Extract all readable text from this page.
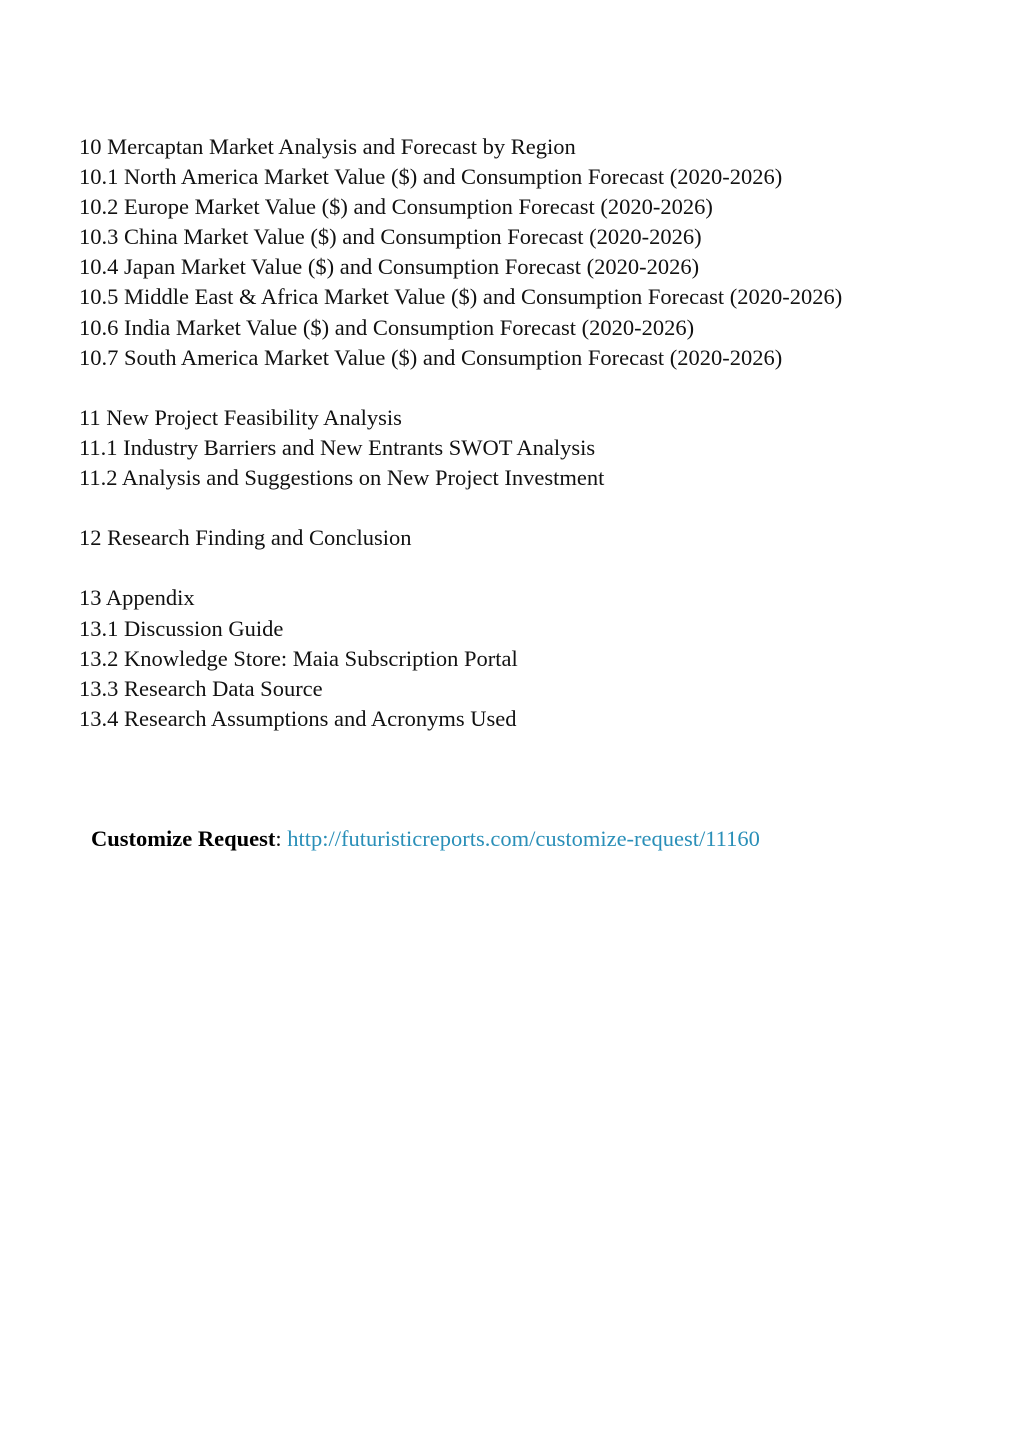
10 Mercaptan Market Analysis and Forecast by Region
10.1 North America Market Value ($) and Consumption Forecast (2020-2026)
10.2 Europe Market Value ($) and Consumption Forecast (2020-2026)
10.3 China Market Value ($) and Consumption Forecast (2020-2026)
10.4 Japan Market Value ($) and Consumption Forecast (2020-2026)
10.5 Middle East & Africa Market Value ($) and Consumption Forecast (2020-2026)
10.6 India Market Value ($) and Consumption Forecast (2020-2026)
10.7 South America Market Value ($) and Consumption Forecast (2020-2026)
11 New Project Feasibility Analysis
11.1 Industry Barriers and New Entrants SWOT Analysis
11.2 Analysis and Suggestions on New Project Investment
12 Research Finding and Conclusion
13 Appendix
13.1 Discussion Guide
13.2 Knowledge Store: Maia Subscription Portal
13.3 Research Data Source
13.4 Research Assumptions and Acronyms Used
Customize Request: http://futuristicreports.com/customize-request/11160
